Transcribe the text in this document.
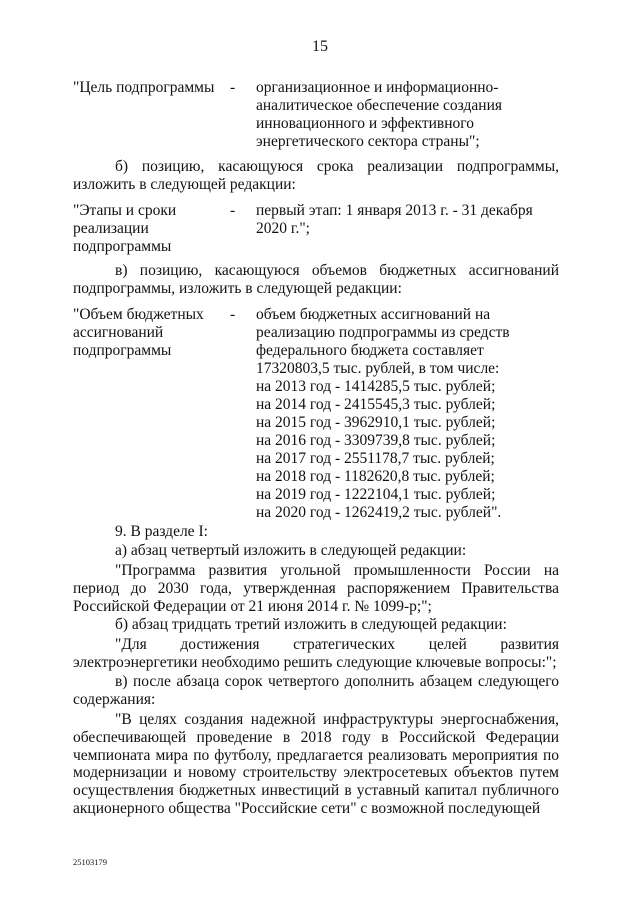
15
"Цель подпрограммы	- организационное и информационно-
аналитическое обеспечение создания
инновационного и эффективного
энергетического сектора страны";
б) позицию, касающуюся срока реализации подпрограммы, изложить в следующей редакции:
"Этапы и сроки
реализации
подпрограммы
- первый этап: 1 января 2013 г. - 31 декабря
2020 г.";
в) позицию, касающуюся объемов бюджетных ассигнований подпрограммы, изложить в следующей редакции:
"Объем бюджетных
ассигнований
подпрограммы
- объем бюджетных ассигнований на
реализацию подпрограммы из средств
федерального бюджета составляет
17320803,5 тыс. рублей, в том числе:
на 2013 год - 1414285,5 тыс. рублей;
на 2014 год - 2415545,3 тыс. рублей;
на 2015 год - 3962910,1 тыс. рублей;
на 2016 год - 3309739,8 тыс. рублей;
на 2017 год - 2551178,7 тыс. рублей;
на 2018 год - 1182620,8 тыс. рублей;
на 2019 год - 1222104,1 тыс. рублей;
на 2020 год - 1262419,2 тыс. рублей".
9. В разделе I:
а) абзац четвертый изложить в следующей редакции:
"Программа развития угольной промышленности России на период до 2030 года, утвержденная распоряжением Правительства Российской Федерации от 21 июня 2014 г. № 1099-р;";
б) абзац тридцать третий изложить в следующей редакции:
"Для достижения стратегических целей развития электроэнергетики необходимо решить следующие ключевые вопросы:";
в) после абзаца сорок четвертого дополнить абзацем следующего содержания:
"В целях создания надежной инфраструктуры энергоснабжения, обеспечивающей проведение в 2018 году в Российской Федерации чемпионата мира по футболу, предлагается реализовать мероприятия по модернизации и новому строительству электросетевых объектов путем осуществления бюджетных инвестиций в уставный капитал публичного акционерного общества "Российские сети" с возможной последующей
25103179
